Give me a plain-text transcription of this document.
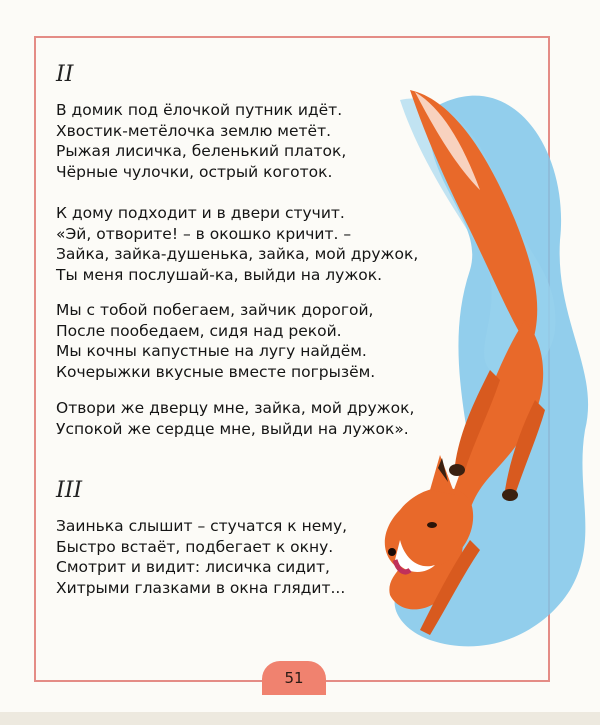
II
В домик под ёлочкой путник идёт.
Хвостик-метёлочка землю метёт.
Рыжая лисичка, беленький платок,
Чёрные чулочки, острый коготок.
К дому подходит и в двери стучит.
«Эй, отворите! – в окошко кричит. –
Зайка, зайка-душенька, зайка, мой дружок,
Ты меня послушай-ка, выйди на лужок.
Мы с тобой побегаем, зайчик дорогой,
После пообедаем, сидя над рекой.
Мы кочны капустные на лугу найдём.
Кочерыжки вкусные вместе погрызём.
Отвори же дверцу мне, зайка, мой дружок,
Успокой же сердце мне, выйди на лужок».
III
Заинька слышит – стучатся к нему,
Быстро встаёт, подбегает к окну.
Смотрит и видит: лисичка сидит,
Хитрыми глазками в окна глядит...
51
